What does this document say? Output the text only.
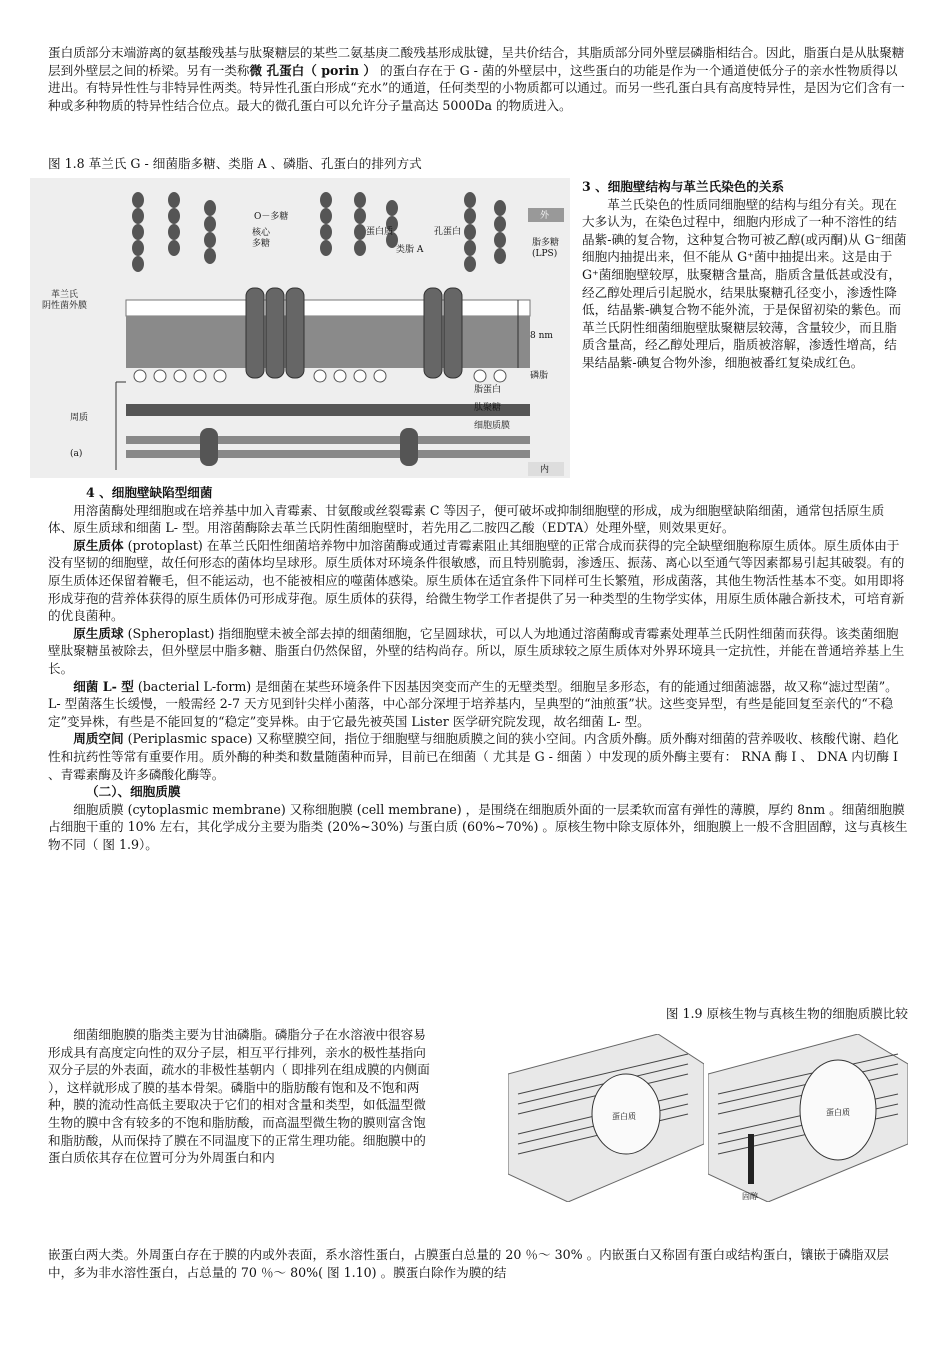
蛋白质部分末端游离的氨基酸残基与肽聚糖层的某些二氨基庚二酸残基形成肽键，呈共价结合，其脂质部分同外壁层磷脂相结合。因此，脂蛋白是从肽聚糖层到外壁层之间的桥梁。另有一类称微 孔蛋白（ porin ） 的蛋白存在于 G - 菌的外壁层中，这些蛋白的功能是作为一个通道使低分子的亲水性物质得以进出。有特异性性与非特异性两类。特异性孔蛋白形成“充水”的通道，任何类型的小物质都可以通过。而另一些孔蛋白具有高度特异性，是因为它们含有一种或多种物质的特异性结合位点。最大的微孔蛋白可以允许分子量高达 5000Da 的物质进入。

图 1.8 革兰氏 G - 细菌脂多糖、类脂 A 、磷脂、孔蛋白的排列方式
O－多糖
核心
多糖
蛋白质	孔蛋白
类脂 A
外
脂多糖
(LPS)
革兰氏
阴性菌外膜
8 nm
磷脂
脂蛋白
肽聚糖
周质
细胞质膜
内
(a)

3 、细胞壁结构与革兰氏染色的关系

革兰氏染色的性质同细胞壁的结构与组分有关。现在大多认为，在染色过程中，细胞内形成了一种不溶性的结晶紫-碘的复合物，这种复合物可被乙醇(或丙酮)从 G⁻细菌细胞内抽提出来，但不能从 G⁺菌中抽提出来。这是由于 G⁺菌细胞壁较厚，肽聚糖含量高，脂质含量低甚或没有，经乙醇处理后引起脱水，结果肽聚糖孔径变小，渗透性降低，结晶紫-碘复合物不能外流，于是保留初染的紫色。而革兰氏阴性细菌细胞壁肽聚糖层较薄，含量较少，而且脂质含量高，经乙醇处理后，脂质被溶解，渗透性增高，结果结晶紫-碘复合物外渗，细胞被番红复染成红色。

4 、细胞壁缺陷型细菌

用溶菌酶处理细胞或在培养基中加入青霉素、甘氨酸或丝裂霉素 C 等因子，便可破坏或抑制细胞壁的形成，成为细胞壁缺陷细菌，通常包括原生质体、原生质球和细菌 L- 型。用溶菌酶除去革兰氏阴性菌细胞壁时，若先用乙二胺四乙酸（EDTA）处理外壁，则效果更好。

原生质体 (protoplast) 在革兰氏阳性细菌培养物中加溶菌酶或通过青霉素阻止其细胞壁的正常合成而获得的完全缺壁细胞称原生质体。原生质体由于没有坚韧的细胞壁，故任何形态的菌体均呈球形。原生质体对环境条件很敏感，而且特别脆弱，渗透压、振荡、离心以至通气等因素都易引起其破裂。有的原生质体还保留着鞭毛，但不能运动，也不能被相应的噬菌体感染。原生质体在适宜条件下同样可生长繁殖，形成菌落，其他生物活性基本不变。如用即将形成芽孢的营养体获得的原生质体仍可形成芽孢。原生质体的获得，给微生物学工作者提供了另一种类型的生物学实体，用原生质体融合新技术，可培育新的优良菌种。

原生质球 (Spheroplast) 指细胞壁未被全部去掉的细菌细胞，它呈圆球状，可以人为地通过溶菌酶或青霉素处理革兰氏阴性细菌而获得。该类菌细胞壁肽聚糖虽被除去，但外壁层中脂多糖、脂蛋白仍然保留，外壁的结构尚存。所以，原生质球较之原生质体对外界环境具一定抗性，并能在普通培养基上生长。

细菌 L- 型 (bacterial L-form) 是细菌在某些环境条件下因基因突变而产生的无壁类型。细胞呈多形态，有的能通过细菌滤器，故又称“滤过型菌”。 L- 型菌落生长缓慢，一般需经 2-7 天方见到针尖样小菌落，中心部分深埋于培养基内，呈典型的“油煎蛋”状。这些变异型，有些是能回复至亲代的“不稳定”变异株，有些是不能回复的“稳定”变异株。由于它最先被英国 Lister 医学研究院发现，故名细菌 L- 型。

周质空间 (Periplasmic space) 又称壁膜空间，指位于细胞壁与细胞质膜之间的狭小空间。内含质外酶。质外酶对细菌的营养吸收、核酸代谢、趋化性和抗药性等常有重要作用。质外酶的种类和数量随菌种而异，目前已在细菌（ 尤其是 G - 细菌 ）中发现的质外酶主要有： RNA 酶 I 、 DNA 内切酶 I 、青霉素酶及许多磷酸化酶等。

（二）、细胞质膜

细胞质膜 (cytoplasmic membrane) 又称细胞膜 (cell membrane) ，是围绕在细胞质外面的一层柔软而富有弹性的薄膜，厚约 8nm 。细菌细胞膜占细胞干重的 10% 左右，其化学成分主要为脂类 (20%~30%) 与蛋白质 (60%~70%) 。原核生物中除支原体外，细胞膜上一般不含胆固醇，这与真核生物不同（ 图 1.9）。

图 1.9 原核生物与真核生物的细胞质膜比较
蛋白质	蛋白质
固醇

细菌细胞膜的脂类主要为甘油磷脂。磷脂分子在水溶液中很容易形成具有高度定向性的双分子层，相互平行排列，亲水的极性基指向双分子层的外表面，疏水的非极性基朝内（ 即排列在组成膜的内侧面 ），这样就形成了膜的基本骨架。磷脂中的脂肪酸有饱和及不饱和两种，膜的流动性高低主要取决于它们的相对含量和类型，如低温型微生物的膜中含有较多的不饱和脂肪酸，而高温型微生物的膜则富含饱和脂肪酸，从而保持了膜在不同温度下的正常生理功能。细胞膜中的蛋白质依其存在位置可分为外周蛋白和内

嵌蛋白两大类。外周蛋白存在于膜的内或外表面，系水溶性蛋白，占膜蛋白总量的 20 ％～ 30% 。内嵌蛋白又称固有蛋白或结构蛋白，镶嵌于磷脂双层中，多为非水溶性蛋白，占总量的 70 ％～ 80%( 图 1.10) 。膜蛋白除作为膜的结
